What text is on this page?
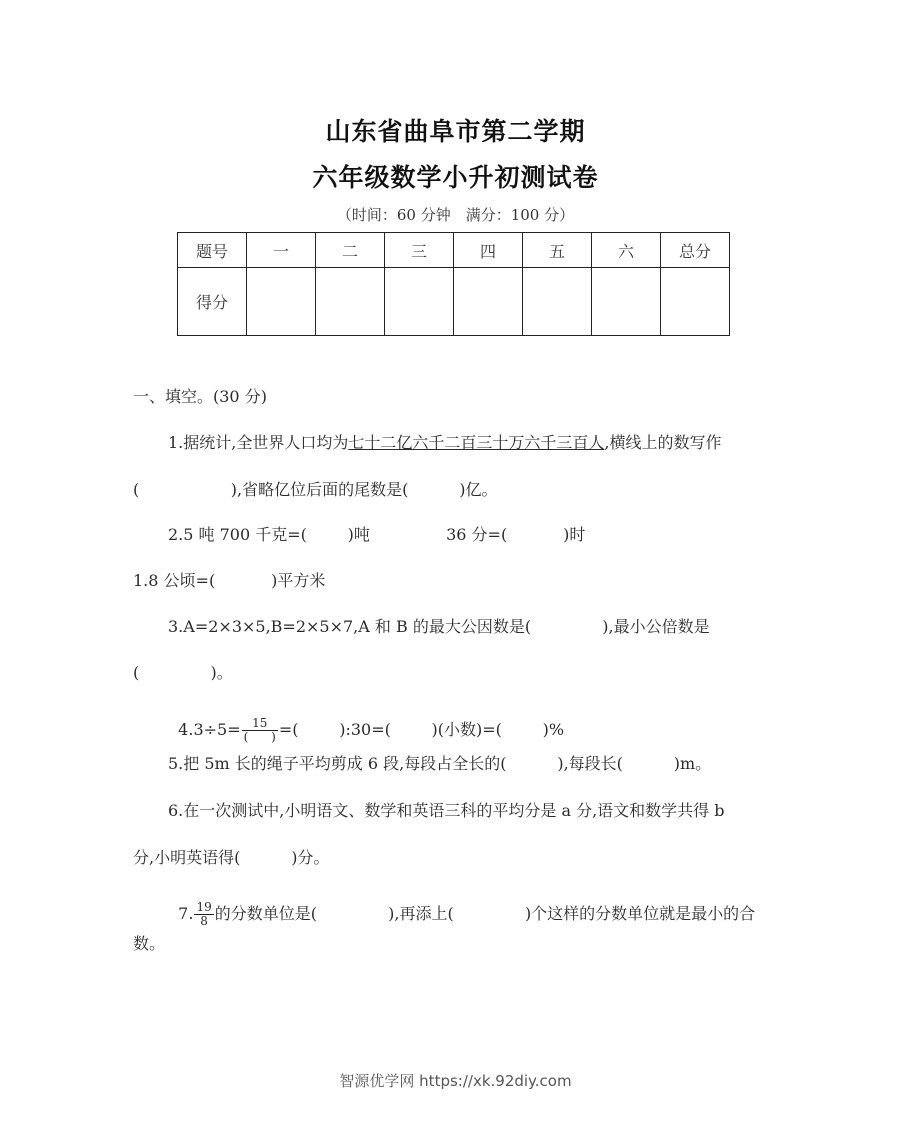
山东省曲阜市第二学期
六年级数学小升初测试卷
（时间：60 分钟　满分：100 分）
题号	一	二	三	四	五	六	总分
得分							
一、填空。(30 分)
1.据统计,全世界人口均为七十二亿六千二百三十万六千三百人,横线上的数写作
(                  ),省略亿位后面的尾数是(          )亿。
2.5 吨 700 千克=(        )吨               36 分=(           )时
1.8 公顷=(           )平方米
3.A=2×3×5,B=2×5×7,A 和 B 的最大公因数是(              ),最小公倍数是
(              )。

$4.3\div 5= \frac{15}{( )}$ =(        ):30=(        )(小数)=(        )%

5.把 5m 长的绳子平均剪成 6 段,每段占全长的(          ),每段长(          )m。
6.在一次测试中,小明语文、数学和英语三科的平均分是 a 分,语文和数学共得 b
分,小明英语得(          )分。

7. $\frac{19}{8}$ 的分数单位是(              ),再添上(              )个这样的分数单位就是最小的合

数。
智源优学网 https://xk.92diy.com
